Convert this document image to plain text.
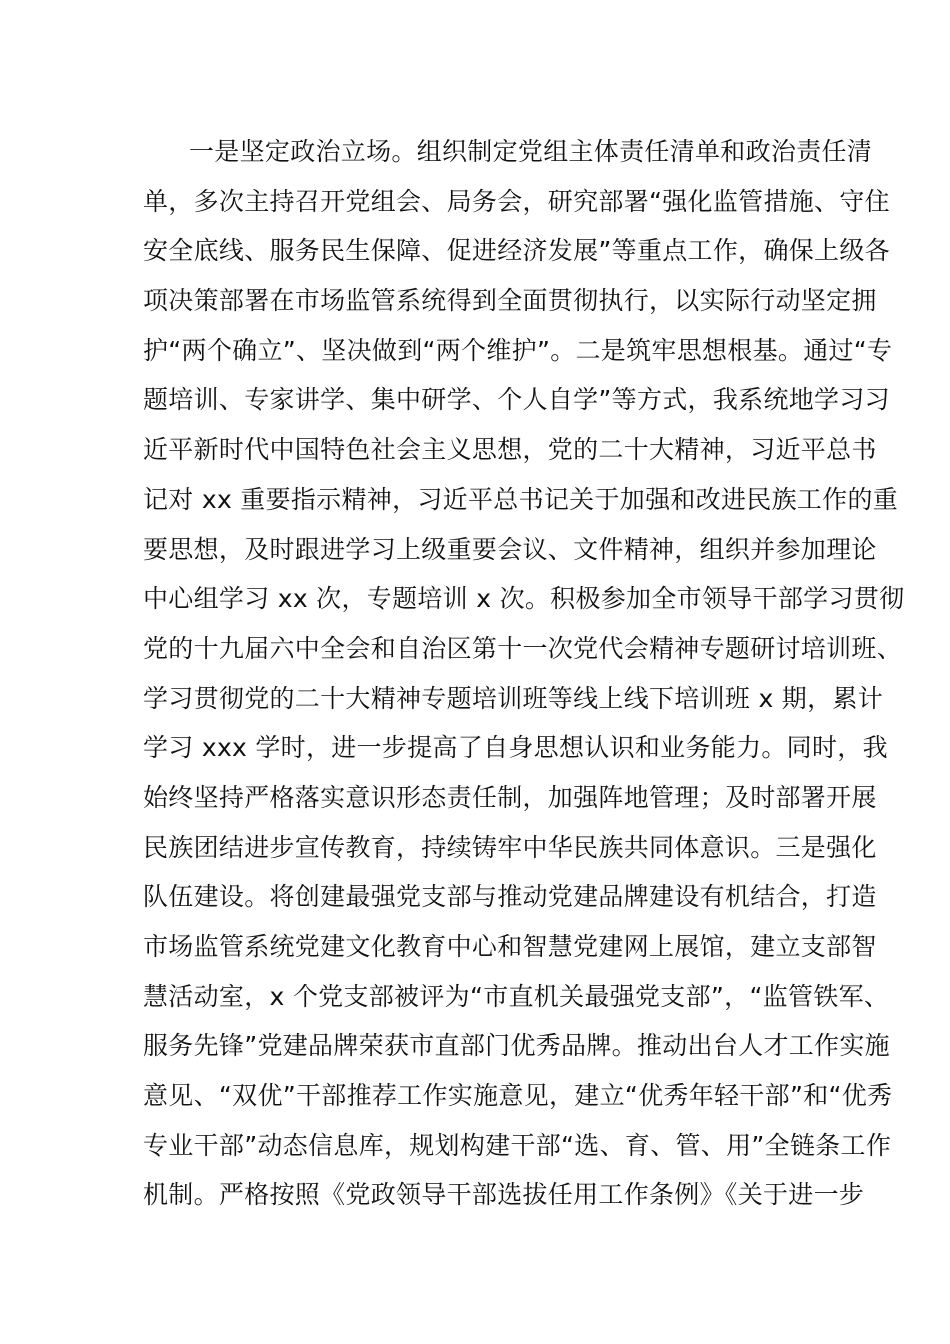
一是坚定政治立场。组织制定党组主体责任清单和政治责任清
单，多次主持召开党组会、局务会，研究部署“强化监管措施、守住
安全底线、服务民生保障、促进经济发展”等重点工作，确保上级各
项决策部署在市场监管系统得到全面贯彻执行，以实际行动坚定拥
护“两个确立”、坚决做到“两个维护”。二是筑牢思想根基。通过“专
题培训、专家讲学、集中研学、个人自学”等方式，我系统地学习习
近平新时代中国特色社会主义思想，党的二十大精神，习近平总书
记对 xx 重要指示精神，习近平总书记关于加强和改进民族工作的重
要思想，及时跟进学习上级重要会议、文件精神，组织并参加理论
中心组学习 xx 次，专题培训 x 次。积极参加全市领导干部学习贯彻
党的十九届六中全会和自治区第十一次党代会精神专题研讨培训班、
学习贯彻党的二十大精神专题培训班等线上线下培训班 x 期，累计
学习 xxx 学时，进一步提高了自身思想认识和业务能力。同时，我
始终坚持严格落实意识形态责任制，加强阵地管理；及时部署开展
民族团结进步宣传教育，持续铸牢中华民族共同体意识。三是强化
队伍建设。将创建最强党支部与推动党建品牌建设有机结合，打造
市场监管系统党建文化教育中心和智慧党建网上展馆，建立支部智
慧活动室，x 个党支部被评为“市直机关最强党支部”，“监管铁军、
服务先锋”党建品牌荣获市直部门优秀品牌。推动出台人才工作实施
意见、“双优”干部推荐工作实施意见，建立“优秀年轻干部”和“优秀
专业干部”动态信息库，规划构建干部“选、育、管、用”全链条工作
机制。严格按照《党政领导干部选拔任用工作条例》《关于进一步
